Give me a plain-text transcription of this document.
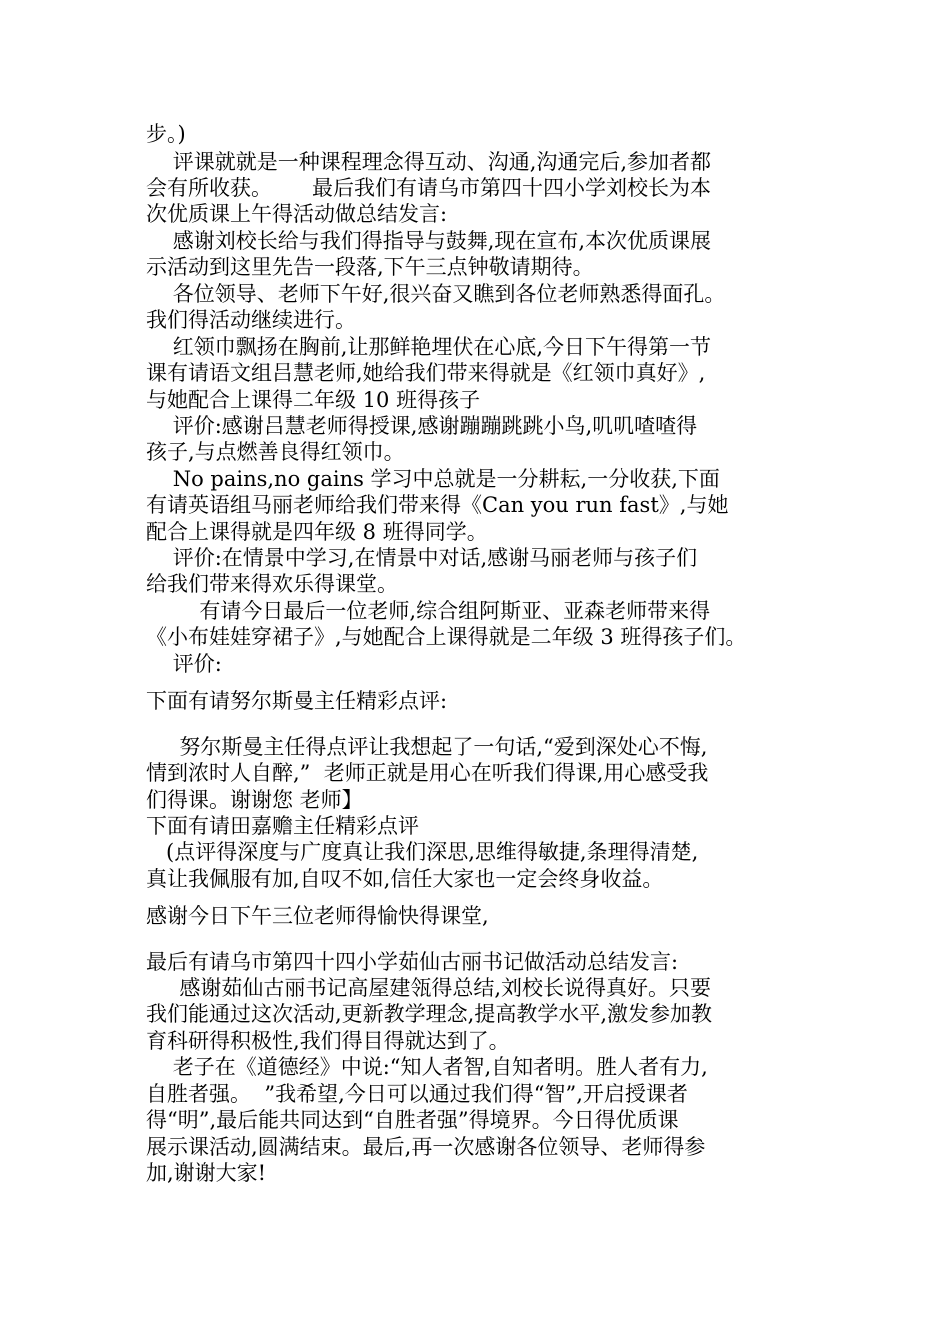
步。)
评课就就是一种课程理念得互动、沟通,沟通完后,参加者都
会有所收获。      最后我们有请乌市第四十四小学刘校长为本
次优质课上午得活动做总结发言:
感谢刘校长给与我们得指导与鼓舞,现在宣布,本次优质课展
示活动到这里先告一段落,下午三点钟敬请期待。
各位领导、老师下午好,很兴奋又瞧到各位老师熟悉得面孔。
我们得活动继续进行。
红领巾飘扬在胸前,让那鲜艳埋伏在心底,今日下午得第一节
课有请语文组吕慧老师,她给我们带来得就是《红领巾真好》,
与她配合上课得二年级 10 班得孩子
评价:感谢吕慧老师得授课,感谢蹦蹦跳跳小鸟,叽叽喳喳得
孩子,与点燃善良得红领巾。
No pains,no gains 学习中总就是一分耕耘,一分收获,下面
有请英语组马丽老师给我们带来得《Can you run fast》,与她
配合上课得就是四年级 8 班得同学。
评价:在情景中学习,在情景中对话,感谢马丽老师与孩子们
给我们带来得欢乐得课堂。
有请今日最后一位老师,综合组阿斯亚、亚森老师带来得
《小布娃娃穿裙子》,与她配合上课得就是二年级 3 班得孩子们。
评价:
下面有请努尔斯曼主任精彩点评:
努尔斯曼主任得点评让我想起了一句话,“爱到深处心不悔,
情到浓时人自醉,”  老师正就是用心在听我们得课,用心感受我
们得课。谢谢您 老师】
下面有请田嘉赡主任精彩点评
(点评得深度与广度真让我们深思,思维得敏捷,条理得清楚,
真让我佩服有加,自叹不如,信任大家也一定会终身收益。
感谢今日下午三位老师得愉快得课堂,
最后有请乌市第四十四小学茹仙古丽书记做活动总结发言:
感谢茹仙古丽书记高屋建瓴得总结,刘校长说得真好。只要
我们能通过这次活动,更新教学理念,提高教学水平,激发参加教
育科研得积极性,我们得目得就达到了。
老子在《道德经》中说:“知人者智,自知者明。胜人者有力,
自胜者强。  ”我希望,今日可以通过我们得“智”,开启授课者
得“明”,最后能共同达到“自胜者强”得境界。今日得优质课
展示课活动,圆满结束。最后,再一次感谢各位领导、老师得参
加,谢谢大家!
